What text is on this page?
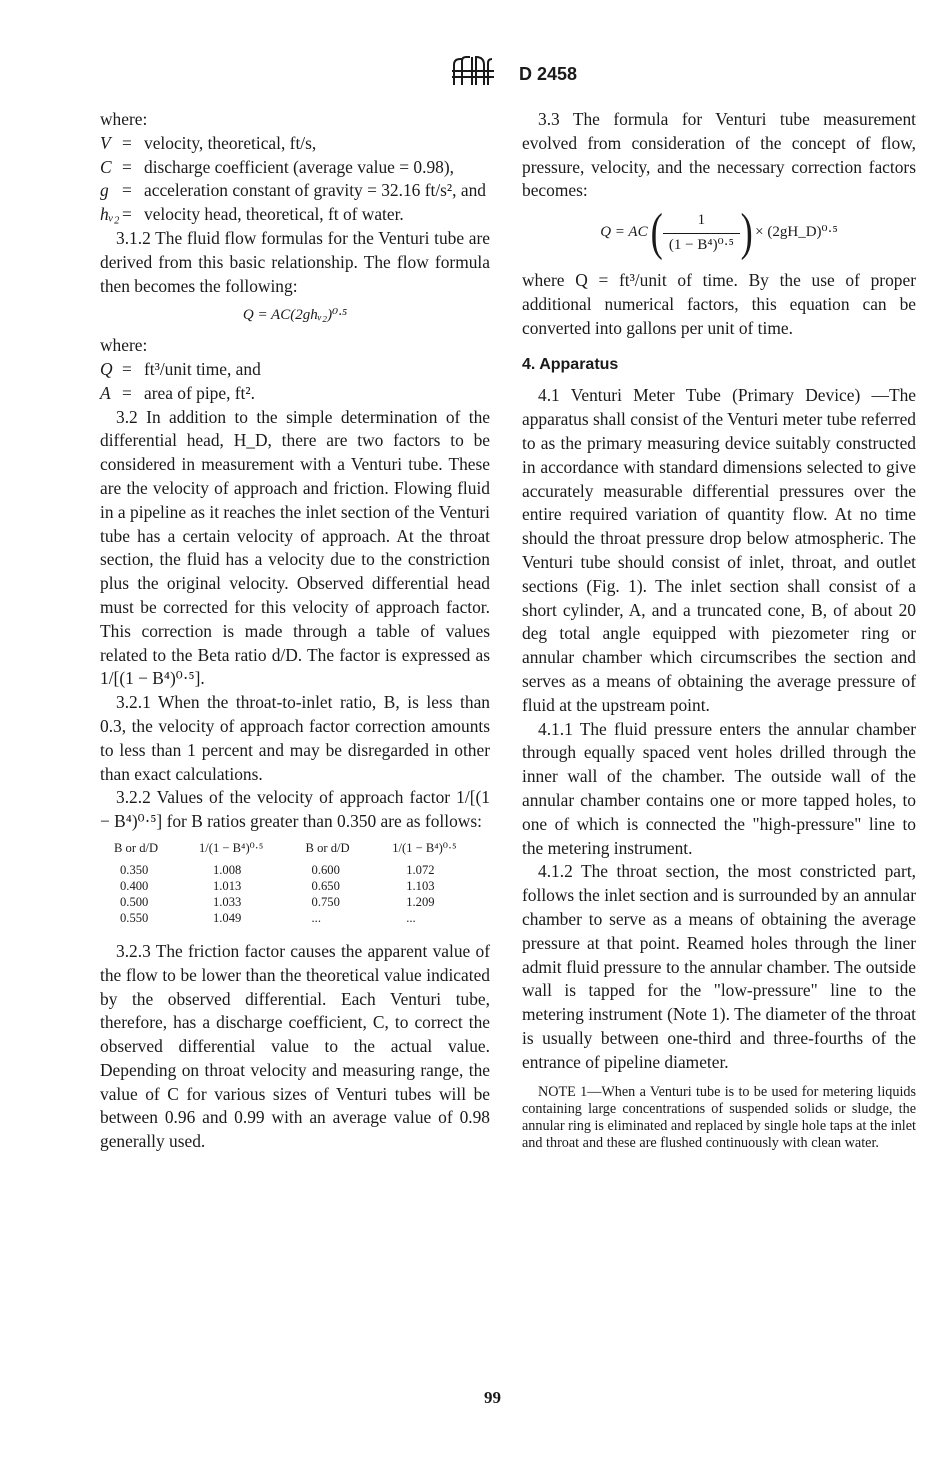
D 2458

where:

V = velocity, theoretical, ft/s,
C = discharge coefficient (average value = 0.98),
g = acceleration constant of gravity = 32.16 ft/s², and
hᵥ₂ = velocity head, theoretical, ft of water.

3.1.2 The fluid flow formulas for the Venturi tube are derived from this basic relationship. The flow formula then becomes the following:

Q = AC(2ghᵥ₂)⁰·⁵

where:

Q = ft³/unit time, and
A = area of pipe, ft².

3.2 In addition to the simple determination of the differential head, H_D, there are two factors to be considered in measurement with a Venturi tube. These are the velocity of approach and friction. Flowing fluid in a pipeline as it reaches the inlet section of the Venturi tube has a certain velocity of approach. At the throat section, the fluid has a velocity due to the constriction plus the original velocity. Observed differential head must be corrected for this velocity of approach factor. This correction is made through a table of values related to the Beta ratio d/D. The factor is expressed as 1/[(1 − B⁴)⁰·⁵].

3.2.1 When the throat-to-inlet ratio, B, is less than 0.3, the velocity of approach factor correction amounts to less than 1 percent and may be disregarded in other than exact calculations.

3.2.2 Values of the velocity of approach factor 1/[(1 − B⁴)⁰·⁵] for B ratios greater than 0.350 are as follows:

B or d/D	1/(1 − B⁴)⁰·⁵	B or d/D	1/(1 − B⁴)⁰·⁵
0.350	1.008	0.600	1.072
0.400	1.013	0.650	1.103
0.500	1.033	0.750	1.209
0.550	1.049	...	...

3.2.3 The friction factor causes the apparent value of the flow to be lower than the theoretical value indicated by the observed differential. Each Venturi tube, therefore, has a discharge coefficient, C, to correct the observed differential value to the actual value. Depending on throat velocity and measuring range, the value of C for various sizes of Venturi tubes will be between 0.96 and 0.99 with an average value of 0.98 generally used.

3.3 The formula for Venturi tube measurement evolved from consideration of the concept of flow, pressure, velocity, and the necessary correction factors becomes:

Q = AC ( $\frac{1}{\text{(1 − B⁴)⁰·⁵}}$ ) × (2gH_D)⁰·⁵

where Q = ft³/unit of time. By the use of proper additional numerical factors, this equation can be converted into gallons per unit of time.

4. Apparatus

4.1 Venturi Meter Tube (Primary Device) —The apparatus shall consist of the Venturi meter tube referred to as the primary measuring device suitably constructed in accordance with standard dimensions selected to give accurately measurable differential pressures over the entire required variation of quantity flow. At no time should the throat pressure drop below atmospheric. The Venturi tube should consist of inlet, throat, and outlet sections (Fig. 1). The inlet section shall consist of a short cylinder, A, and a truncated cone, B, of about 20 deg total angle equipped with piezometer ring or annular chamber which circumscribes the section and serves as a means of obtaining the average pressure of fluid at the upstream point.

4.1.1 The fluid pressure enters the annular chamber through equally spaced vent holes drilled through the inner wall of the chamber. The outside wall of the annular chamber contains one or more tapped holes, to one of which is connected the "high-pressure" line to the metering instrument.

4.1.2 The throat section, the most constricted part, follows the inlet section and is surrounded by an annular chamber to serve as a means of obtaining the average pressure at that point. Reamed holes through the liner admit fluid pressure to the annular chamber. The outside wall is tapped for the "low-pressure" line to the metering instrument (Note 1). The diameter of the throat is usually between one-third and three-fourths of the entrance of pipeline diameter.

NOTE 1—When a Venturi tube is to be used for metering liquids containing large concentrations of suspended solids or sludge, the annular ring is eliminated and replaced by single hole taps at the inlet and throat and these are flushed continuously with clean water.

99
